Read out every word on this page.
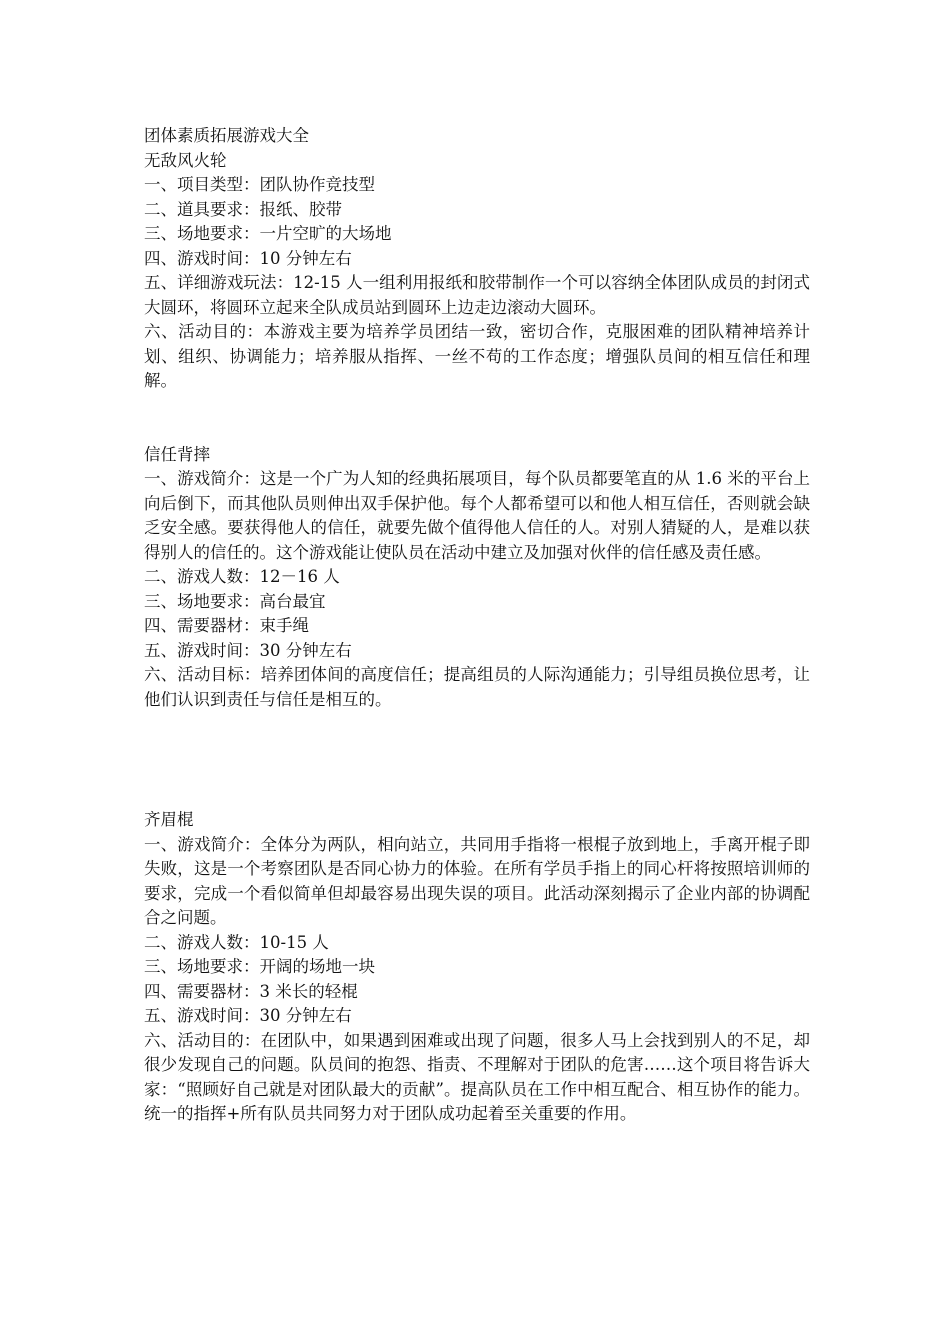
团体素质拓展游戏大全
无敌风火轮
一、项目类型：团队协作竞技型
二、道具要求：报纸、胶带
三、场地要求：一片空旷的大场地
四、游戏时间：10 分钟左右
五、详细游戏玩法：12-15 人一组利用报纸和胶带制作一个可以容纳全体团队成员的封闭式大圆环，将圆环立起来全队成员站到圆环上边走边滚动大圆环。
六、活动目的：本游戏主要为培养学员团结一致，密切合作，克服困难的团队精神培养计划、组织、协调能力；培养服从指挥、一丝不苟的工作态度；增强队员间的相互信任和理解。
信任背摔
一、游戏简介：这是一个广为人知的经典拓展项目，每个队员都要笔直的从 1.6 米的平台上向后倒下，而其他队员则伸出双手保护他。每个人都希望可以和他人相互信任，否则就会缺乏安全感。要获得他人的信任，就要先做个值得他人信任的人。对别人猜疑的人，是难以获得别人的信任的。这个游戏能让使队员在活动中建立及加强对伙伴的信任感及责任感。
二、游戏人数：12－16 人
三、场地要求：高台最宜
四、需要器材：束手绳
五、游戏时间：30 分钟左右
六、活动目标：培养团体间的高度信任；提高组员的人际沟通能力；引导组员换位思考，让他们认识到责任与信任是相互的。
齐眉棍
一、游戏简介：全体分为两队，相向站立，共同用手指将一根棍子放到地上，手离开棍子即失败，这是一个考察团队是否同心协力的体验。在所有学员手指上的同心杆将按照培训师的要求，完成一个看似简单但却最容易出现失误的项目。此活动深刻揭示了企业内部的协调配合之问题。
二、游戏人数：10-15 人
三、场地要求：开阔的场地一块
四、需要器材：3 米长的轻棍
五、游戏时间：30 分钟左右
六、活动目的：在团队中，如果遇到困难或出现了问题，很多人马上会找到别人的不足，却很少发现自己的问题。队员间的抱怨、指责、不理解对于团队的危害……这个项目将告诉大家：“照顾好自己就是对团队最大的贡献”。提高队员在工作中相互配合、相互协作的能力。 统一的指挥+所有队员共同努力对于团队成功起着至关重要的作用。
